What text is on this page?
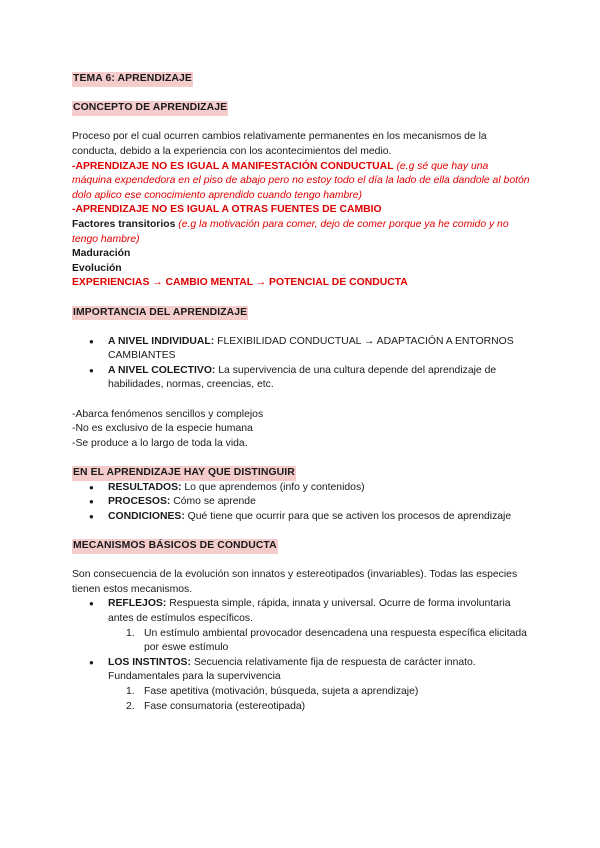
TEMA 6: APRENDIZAJE
CONCEPTO DE APRENDIZAJE

Proceso por el cual ocurren cambios relativamente permanentes en los mecanismos de la conducta, debido a la experiencia con los acontecimientos del medio.

-APRENDIZAJE NO ES IGUAL A MANIFESTACIÓN CONDUCTUAL (e.g sé que hay una máquina expendedora en el piso de abajo pero no estoy todo el día la lado de ella dandole al botón dolo aplico ese conocimiento aprendido cuando tengo hambre)

-APRENDIZAJE NO ES IGUAL A OTRAS FUENTES DE CAMBIO

Factores transitorios (e.g la motivación para comer, dejo de comer porque ya he comido y no tengo hambre)

Maduración

Evolución

EXPERIENCIAS → CAMBIO MENTAL → POTENCIAL DE CONDUCTA

IMPORTANCIA DEL APRENDIZAJE
● A NIVEL INDIVIDUAL: FLEXIBILIDAD CONDUCTUAL → ADAPTACIÓN A ENTORNOS CAMBIANTES
● A NIVEL COLECTIVO: La supervivencia de una cultura depende del aprendizaje de habilidades, normas, creencias, etc.

-Abarca fenómenos sencillos y complejos

-No es exclusivo de la especie humana

-Se produce a lo largo de toda la vida.

EN EL APRENDIZAJE HAY QUE DISTINGUIR
● RESULTADOS: Lo que aprendemos (info y contenidos)
● PROCESOS: Cómo se aprende
● CONDICIONES: Qué tiene que ocurrir para que se activen los procesos de aprendizaje
MECANISMOS BÁSICOS DE CONDUCTA

Son consecuencia de la evolución son innatos y estereotipados (invariables). Todas las especies tienen estos mecanismos.

● REFLEJOS: Respuesta simple, rápida, innata y universal. Ocurre de forma involuntaria antes de estímulos específicos.
1. Un estímulo ambiental provocador desencadena una respuesta específica elicitada por eswe estímulo
● LOS INSTINTOS: Secuencia relativamente fija de respuesta de carácter innato. Fundamentales para la supervivencia
1. Fase apetitiva (motivación, búsqueda, sujeta a aprendizaje)
2. Fase consumatoria (estereotipada)
